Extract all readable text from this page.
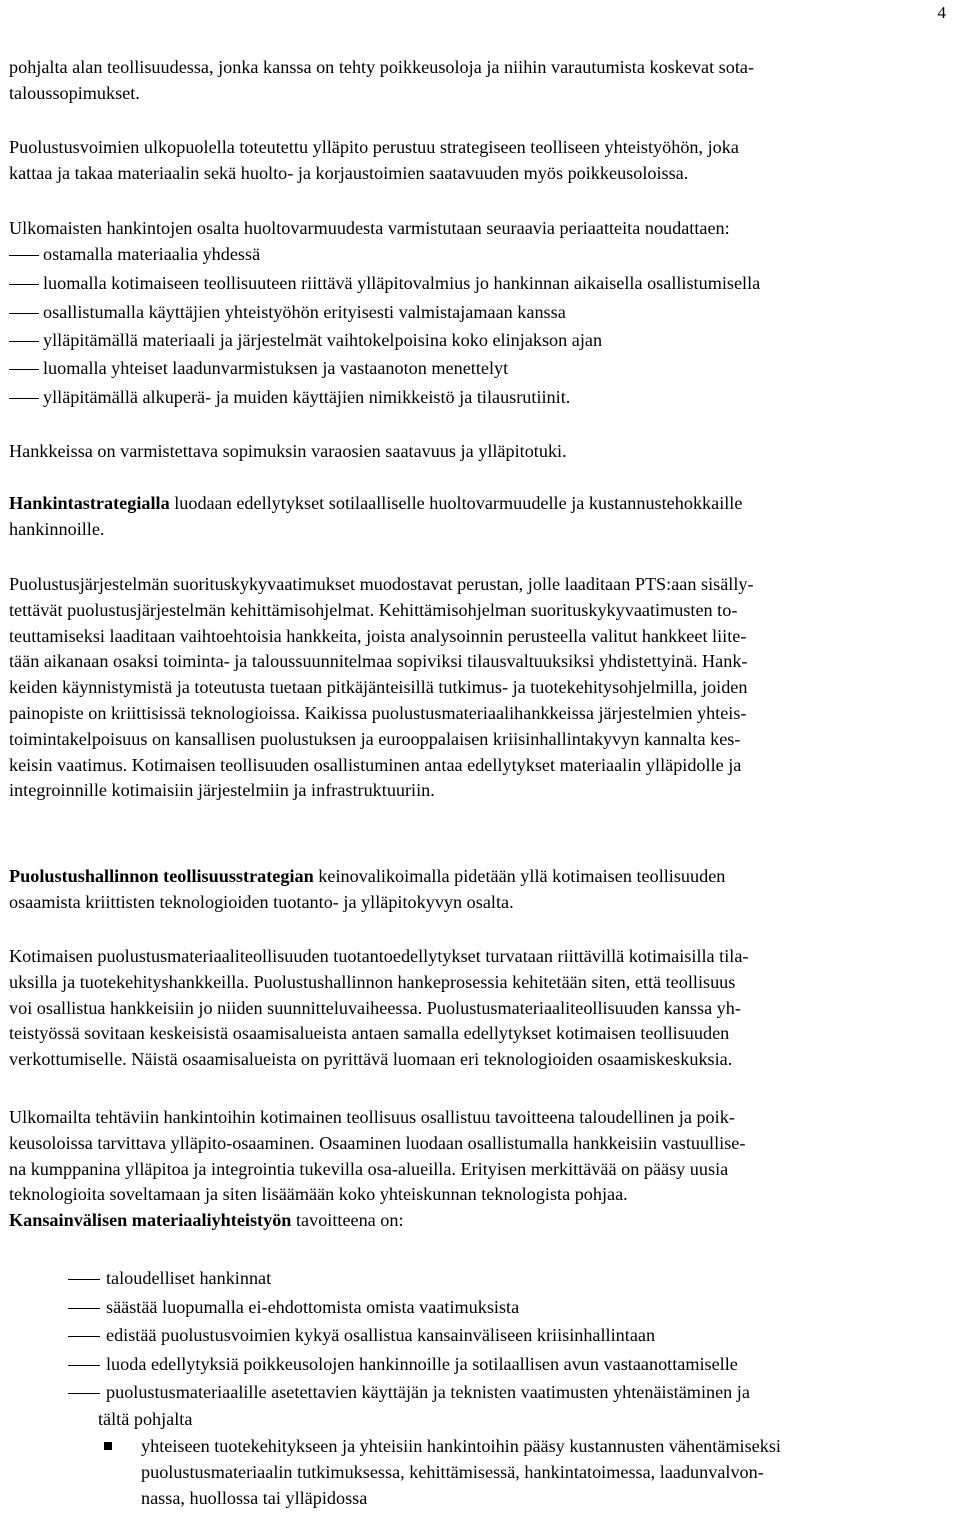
4
pohjalta alan teollisuudessa, jonka kanssa on tehty poikkeusoloja ja niihin varautumista koskevat sota-
taloussopimukset.
Puolustusvoimien ulkopuolella toteutettu ylläpito perustuu strategiseen teolliseen yhteistyöhön, joka
kattaa ja takaa materiaalin sekä huolto- ja korjaustoimien saatavuuden myös poikkeusoloissa.
Ulkomaisten hankintojen osalta huoltovarmuudesta varmistutaan seuraavia periaatteita noudattaen:
ostamalla materiaalia yhdessä
luomalla kotimaiseen teollisuuteen riittävä ylläpitovalmius jo hankinnan aikaisella osallistumisella
osallistumalla käyttäjien yhteistyöhön erityisesti valmistajamaan kanssa
ylläpitämällä materiaali ja järjestelmät vaihtokelpoisina koko elinjakson ajan
luomalla yhteiset laadunvarmistuksen ja vastaanoton menettelyt
ylläpitämällä alkuperä- ja muiden käyttäjien nimikkeistö ja tilausrutiinit.
Hankkeissa on varmistettava sopimuksin varaosien saatavuus ja ylläpitotuki.
Hankintastrategialla luodaan edellytykset sotilaalliselle huoltovarmuudelle ja kustannustehokkaille
hankinnoille.
Puolustusjärjestelmän suorituskykyvaatimukset muodostavat perustan, jolle laaditaan PTS:aan sisälly-
tettävät puolustusjärjestelmän kehittämisohjelmat. Kehittämisohjelman suorituskykyvaatimusten to-
teuttamiseksi laaditaan vaihtoehtoisia hankkeita, joista analysoinnin perusteella valitut hankkeet liite-
tään aikanaan osaksi toiminta- ja taloussuunnitelmaa sopiviksi tilausvaltuuksiksi yhdistettyinä. Hank-
keiden käynnistymistä ja toteutusta tuetaan pitkäjänteisillä tutkimus- ja tuotekehitysohjelmilla, joiden
painopiste on kriittisissä teknologioissa. Kaikissa puolustusmateriaalihankkeissa järjestelmien yhteis-
toimintakelpoisuus on kansallisen puolustuksen ja eurooppalaisen kriisinhallintakyvyn kannalta kes-
keisin vaatimus. Kotimaisen teollisuuden osallistuminen antaa edellytykset materiaalin ylläpidolle ja
integroinnille kotimaisiin järjestelmiin ja infrastruktuuriin.
Puolustushallinnon teollisuusstrategian keinovalikoimalla pidetään yllä kotimaisen teollisuuden
osaamista kriittisten teknologioiden tuotanto- ja ylläpitokyvyn osalta.
Kotimaisen puolustusmateriaaliteollisuuden tuotantoedellytykset turvataan riittävillä kotimaisilla tila-
uksilla ja tuotekehityshankkeilla. Puolustushallinnon hankeprosessia kehitetään siten, että teollisuus
voi osallistua hankkeisiin jo niiden suunnitteluvaiheessa. Puolustusmateriaaliteollisuuden kanssa yh-
teistyössä sovitaan keskeisistä osaamisalueista antaen samalla edellytykset kotimaisen teollisuuden
verkottumiselle. Näistä osaamisalueista on pyrittävä luomaan eri teknologioiden osaamiskeskuksia.
Ulkomailta tehtäviin hankintoihin kotimainen teollisuus osallistuu tavoitteena taloudellinen ja poik-
keusoloissa tarvittava ylläpito-osaaminen. Osaaminen luodaan osallistumalla hankkeisiin vastuullise-
na kumppanina ylläpitoa ja integrointia tukevilla osa-alueilla. Erityisen merkittävää on pääsy uusia
teknologioita soveltamaan ja siten lisäämään koko yhteiskunnan teknologista pohjaa.
Kansainvälisen materiaaliyhteistyön tavoitteena on:
taloudelliset hankinnat
säästää luopumalla ei-ehdottomista omista vaatimuksista
edistää puolustusvoimien kykyä osallistua kansainväliseen kriisinhallintaan
luoda edellytyksiä poikkeusolojen hankinnoille ja sotilaallisen avun vastaanottamiselle
puolustusmateriaalille asetettavien käyttäjän ja teknisten vaatimusten yhtenäistäminen ja
tältä pohjalta
yhteiseen tuotekehitykseen ja yhteisiin hankintoihin pääsy kustannusten vähentämiseksi
puolustusmateriaalin tutkimuksessa, kehittämisessä, hankintatoimessa, laadunvalvon-
nassa, huollossa tai ylläpidossa
